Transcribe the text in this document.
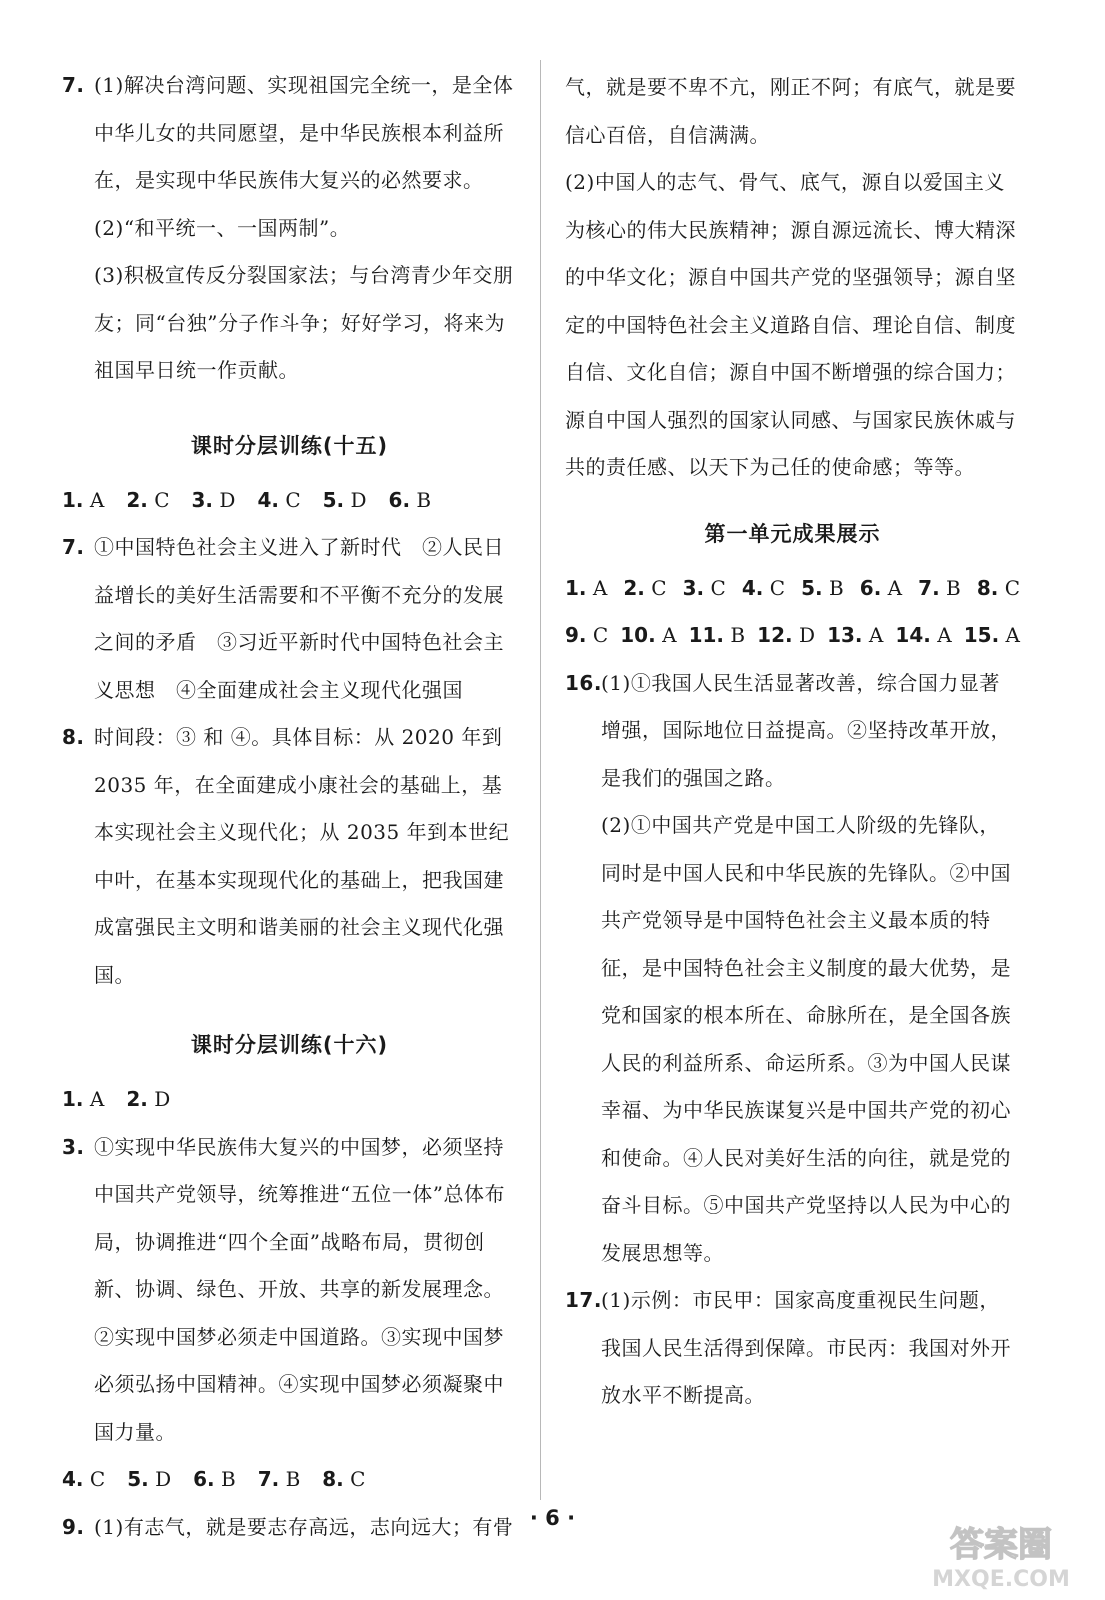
7. (1)解决台湾问题、实现祖国完全统一，是全体中华儿女的共同愿望，是中华民族根本利益所在，是实现中华民族伟大复兴的必然要求。

(2)“和平统一、一国两制”。

(3)积极宣传反分裂国家法；与台湾青少年交朋友；同“台独”分子作斗争；好好学习，将来为祖国早日统一作贡献。

课时分层训练(十五)

1. A 2. C 3. D 4. C 5. D 6. B
7. ①中国特色社会主义进入了新时代　②人民日益增长的美好生活需要和不平衡不充分的发展之间的矛盾　③习近平新时代中国特色社会主义思想　④全面建成社会主义现代化强国
8. 时间段：③ 和 ④。具体目标：从 2020 年到 2035 年，在全面建成小康社会的基础上，基本实现社会主义现代化；从 2035 年到本世纪中叶，在基本实现现代化的基础上，把我国建成富强民主文明和谐美丽的社会主义现代化强国。

课时分层训练(十六)

1. A 2. D
3. ①实现中华民族伟大复兴的中国梦，必须坚持中国共产党领导，统筹推进“五位一体”总体布局，协调推进“四个全面”战略布局，贯彻创新、协调、绿色、开放、共享的新发展理念。②实现中国梦必须走中国道路。③实现中国梦必须弘扬中国精神。④实现中国梦必须凝聚中国力量。
4. C 5. D 6. B 7. B 8. C
9. (1)有志气，就是要志存高远，志向远大；有骨

气，就是要不卑不亢，刚正不阿；有底气，就是要信心百倍，自信满满。

(2)中国人的志气、骨气、底气，源自以爱国主义为核心的伟大民族精神；源自源远流长、博大精深的中华文化；源自中国共产党的坚强领导；源自坚定的中国特色社会主义道路自信、理论自信、制度自信、文化自信；源自中国不断增强的综合国力；源自中国人强烈的国家认同感、与国家民族休戚与共的责任感、以天下为己任的使命感；等等。

第一单元成果展示

1. A 2. C 3. C 4. C 5. B 6. A 7. B 8. C
9. C 10. A 11. B 12. D 13. A 14. A 15. A
16. (1)①我国人民生活显著改善，综合国力显著增强，国际地位日益提高。②坚持改革开放，是我们的强国之路。

(2)①中国共产党是中国工人阶级的先锋队，同时是中国人民和中华民族的先锋队。②中国共产党领导是中国特色社会主义最本质的特征，是中国特色社会主义制度的最大优势，是党和国家的根本所在、命脉所在，是全国各族人民的利益所系、命运所系。③为中国人民谋幸福、为中华民族谋复兴是中国共产党的初心和使命。④人民对美好生活的向往，就是党的奋斗目标。⑤中国共产党坚持以人民为中心的发展思想等。

17. (1)示例：市民甲：国家高度重视民生问题，我国人民生活得到保障。市民丙：我国对外开放水平不断提高。
· 6 ·
答案圈
MXQE.COM
